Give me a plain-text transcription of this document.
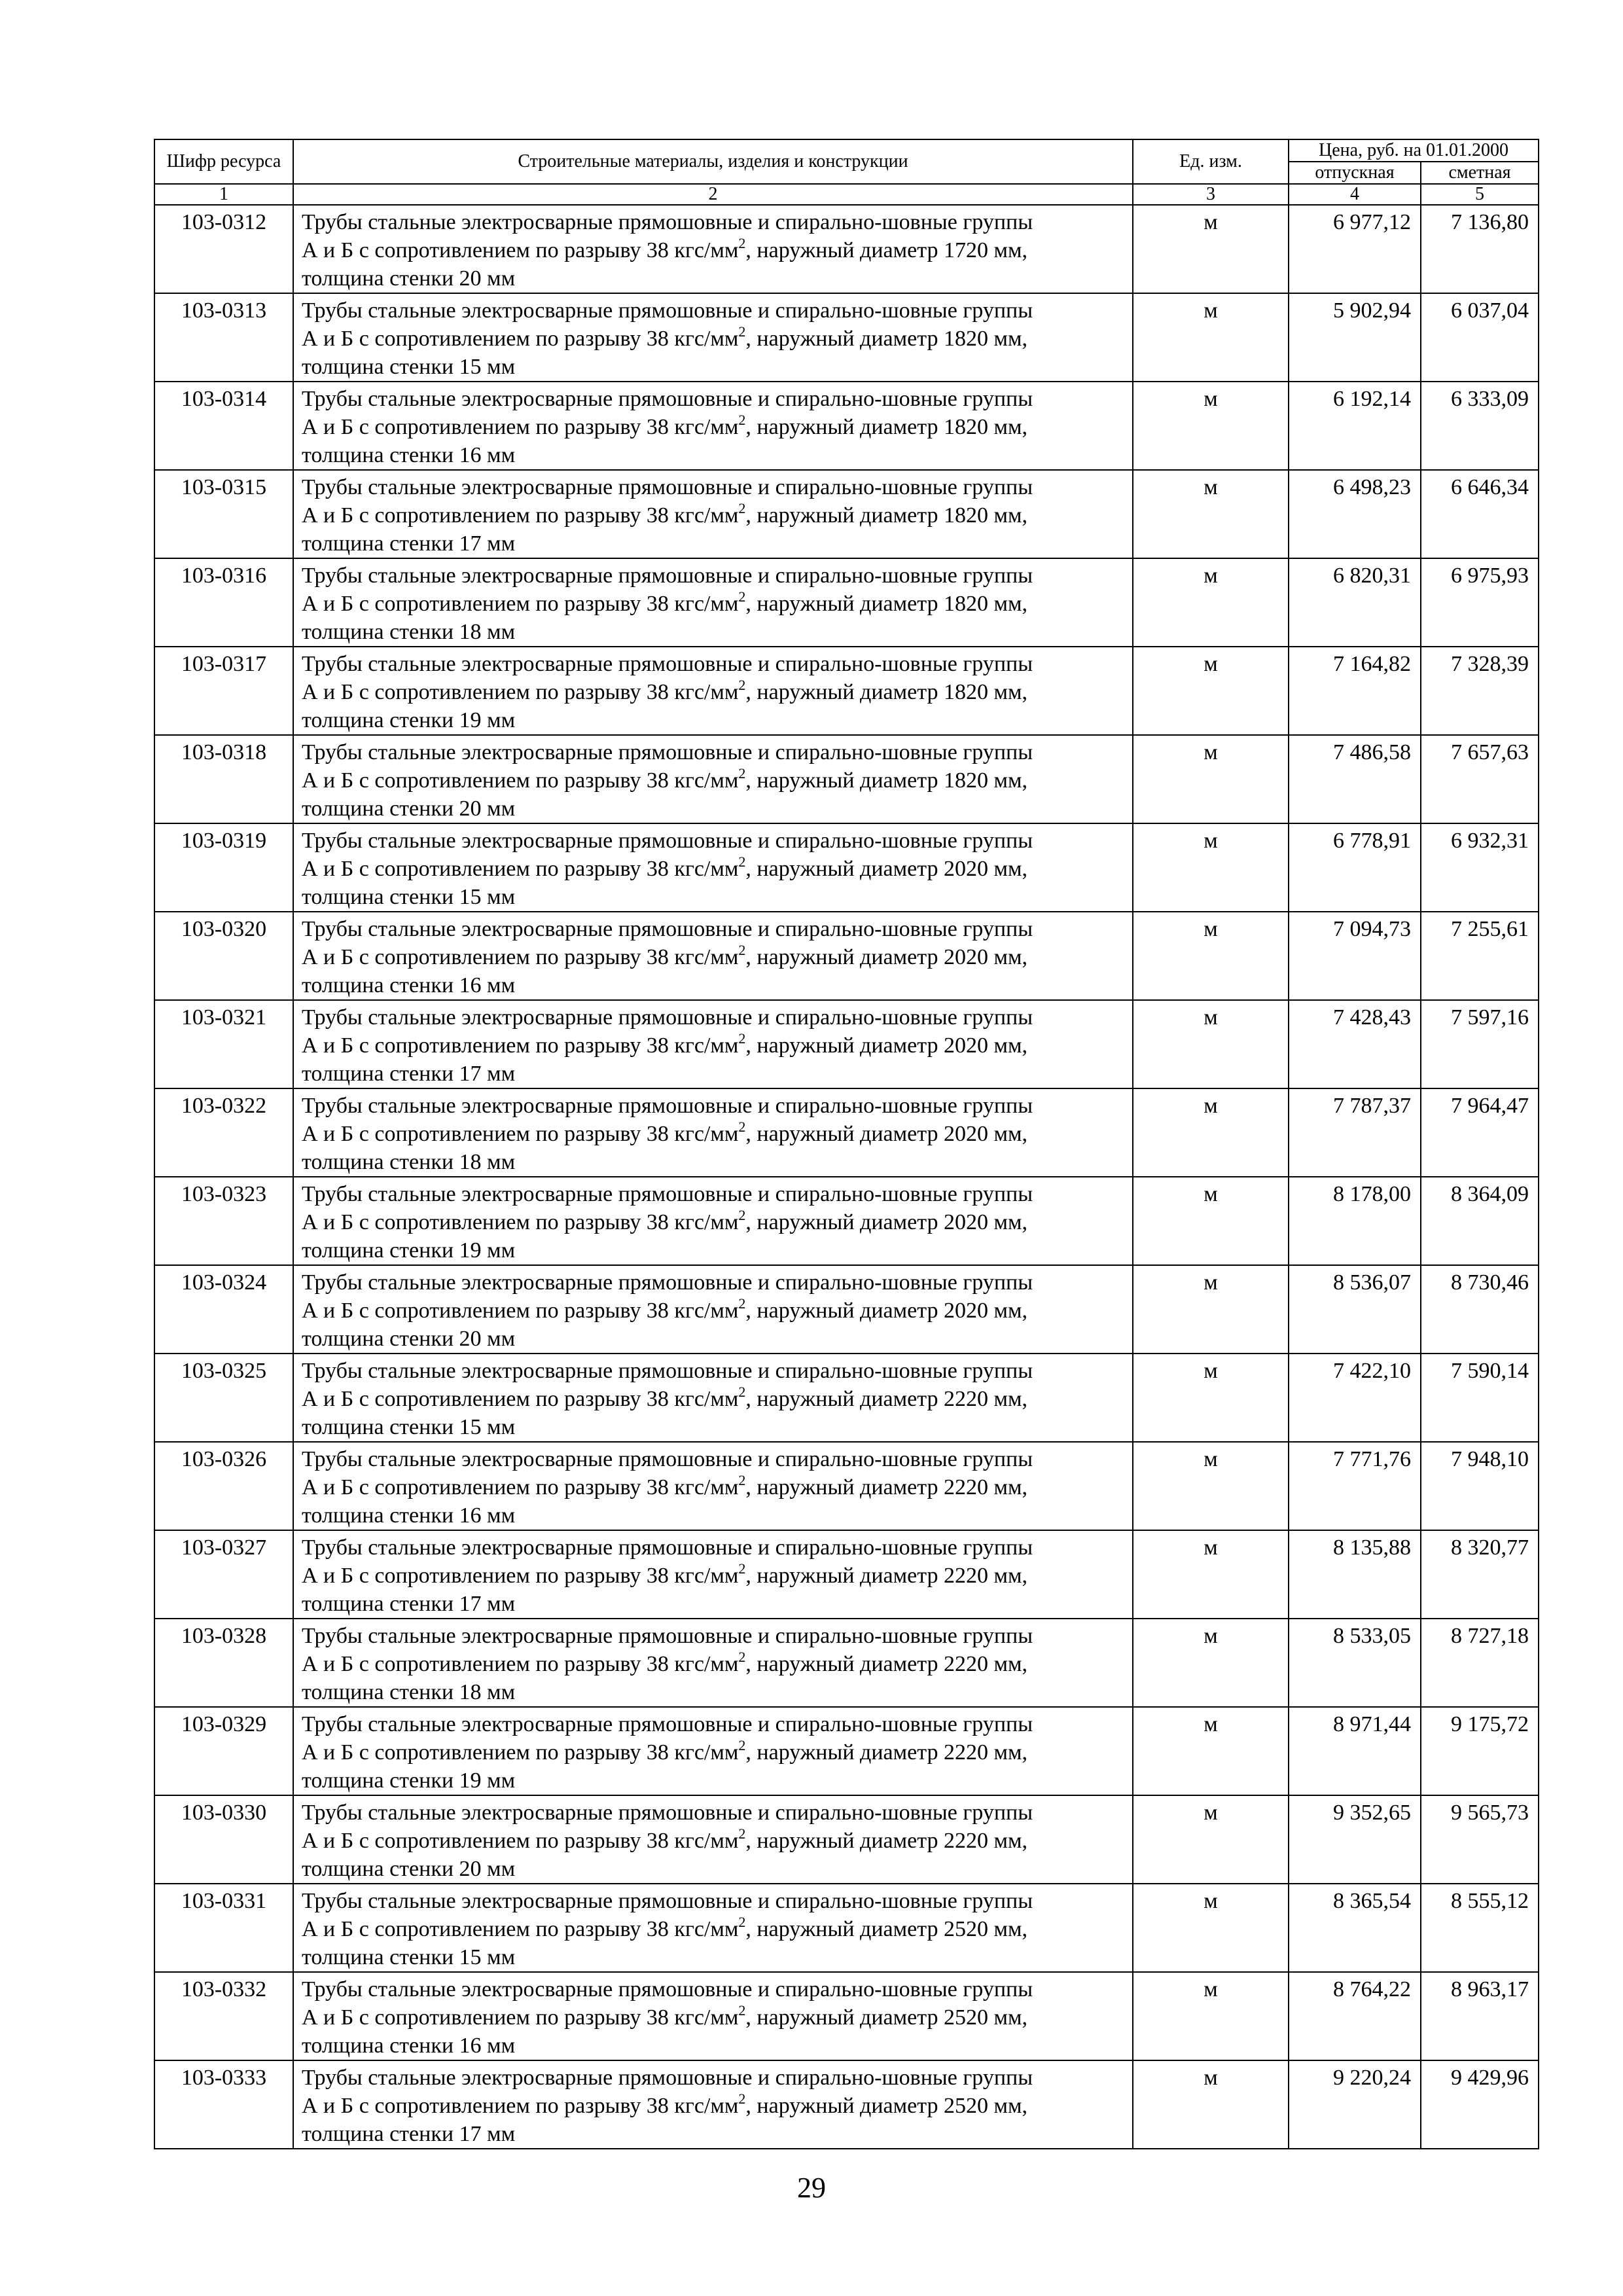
Шифр ресурса	Строительные материалы, изделия и конструкции	Ед. изм.	Цена, руб. на 01.01.2000	
			отпускная	сметная
1	2	3	4	5
103-0312	Трубы стальные электросварные прямошовные и спирально-шовные группы
А и Б с сопротивлением по разрыву 38 кгс/$мм^2$, наружный диаметр 1720 мм,
толщина стенки 20 мм	м	6 977,12	7 136,80
103-0313	Трубы стальные электросварные прямошовные и спирально-шовные группы
А и Б с сопротивлением по разрыву 38 кгс/$мм^2$, наружный диаметр 1820 мм,
толщина стенки 15 мм	м	5 902,94	6 037,04
103-0314	Трубы стальные электросварные прямошовные и спирально-шовные группы
А и Б с сопротивлением по разрыву 38 кгс/$мм^2$, наружный диаметр 1820 мм,
толщина стенки 16 мм	м	6 192,14	6 333,09
103-0315	Трубы стальные электросварные прямошовные и спирально-шовные группы
А и Б с сопротивлением по разрыву 38 кгс/$мм^2$, наружный диаметр 1820 мм,
толщина стенки 17 мм	м	6 498,23	6 646,34
103-0316	Трубы стальные электросварные прямошовные и спирально-шовные группы
А и Б с сопротивлением по разрыву 38 кгс/$мм^2$, наружный диаметр 1820 мм,
толщина стенки 18 мм	м	6 820,31	6 975,93
103-0317	Трубы стальные электросварные прямошовные и спирально-шовные группы
А и Б с сопротивлением по разрыву 38 кгс/$мм^2$, наружный диаметр 1820 мм,
толщина стенки 19 мм	м	7 164,82	7 328,39
103-0318	Трубы стальные электросварные прямошовные и спирально-шовные группы
А и Б с сопротивлением по разрыву 38 кгс/$мм^2$, наружный диаметр 1820 мм,
толщина стенки 20 мм	м	7 486,58	7 657,63
103-0319	Трубы стальные электросварные прямошовные и спирально-шовные группы
А и Б с сопротивлением по разрыву 38 кгс/$мм^2$, наружный диаметр 2020 мм,
толщина стенки 15 мм	м	6 778,91	6 932,31
103-0320	Трубы стальные электросварные прямошовные и спирально-шовные группы
А и Б с сопротивлением по разрыву 38 кгс/$мм^2$, наружный диаметр 2020 мм,
толщина стенки 16 мм	м	7 094,73	7 255,61
103-0321	Трубы стальные электросварные прямошовные и спирально-шовные группы
А и Б с сопротивлением по разрыву 38 кгс/$мм^2$, наружный диаметр 2020 мм,
толщина стенки 17 мм	м	7 428,43	7 597,16
103-0322	Трубы стальные электросварные прямошовные и спирально-шовные группы
А и Б с сопротивлением по разрыву 38 кгс/$мм^2$, наружный диаметр 2020 мм,
толщина стенки 18 мм	м	7 787,37	7 964,47
103-0323	Трубы стальные электросварные прямошовные и спирально-шовные группы
А и Б с сопротивлением по разрыву 38 кгс/$мм^2$, наружный диаметр 2020 мм,
толщина стенки 19 мм	м	8 178,00	8 364,09
103-0324	Трубы стальные электросварные прямошовные и спирально-шовные группы
А и Б с сопротивлением по разрыву 38 кгс/$мм^2$, наружный диаметр 2020 мм,
толщина стенки 20 мм	м	8 536,07	8 730,46
103-0325	Трубы стальные электросварные прямошовные и спирально-шовные группы
А и Б с сопротивлением по разрыву 38 кгс/$мм^2$, наружный диаметр 2220 мм,
толщина стенки 15 мм	м	7 422,10	7 590,14
103-0326	Трубы стальные электросварные прямошовные и спирально-шовные группы
А и Б с сопротивлением по разрыву 38 кгс/$мм^2$, наружный диаметр 2220 мм,
толщина стенки 16 мм	м	7 771,76	7 948,10
103-0327	Трубы стальные электросварные прямошовные и спирально-шовные группы
А и Б с сопротивлением по разрыву 38 кгс/$мм^2$, наружный диаметр 2220 мм,
толщина стенки 17 мм	м	8 135,88	8 320,77
103-0328	Трубы стальные электросварные прямошовные и спирально-шовные группы
А и Б с сопротивлением по разрыву 38 кгс/$мм^2$, наружный диаметр 2220 мм,
толщина стенки 18 мм	м	8 533,05	8 727,18
103-0329	Трубы стальные электросварные прямошовные и спирально-шовные группы
А и Б с сопротивлением по разрыву 38 кгс/$мм^2$, наружный диаметр 2220 мм,
толщина стенки 19 мм	м	8 971,44	9 175,72
103-0330	Трубы стальные электросварные прямошовные и спирально-шовные группы
А и Б с сопротивлением по разрыву 38 кгс/$мм^2$, наружный диаметр 2220 мм,
толщина стенки 20 мм	м	9 352,65	9 565,73
103-0331	Трубы стальные электросварные прямошовные и спирально-шовные группы
А и Б с сопротивлением по разрыву 38 кгс/$мм^2$, наружный диаметр 2520 мм,
толщина стенки 15 мм	м	8 365,54	8 555,12
103-0332	Трубы стальные электросварные прямошовные и спирально-шовные группы
А и Б с сопротивлением по разрыву 38 кгс/$мм^2$, наружный диаметр 2520 мм,
толщина стенки 16 мм	м	8 764,22	8 963,17
103-0333	Трубы стальные электросварные прямошовные и спирально-шовные группы
А и Б с сопротивлением по разрыву 38 кгс/$мм^2$, наружный диаметр 2520 мм,
толщина стенки 17 мм	м	9 220,24	9 429,96
29
